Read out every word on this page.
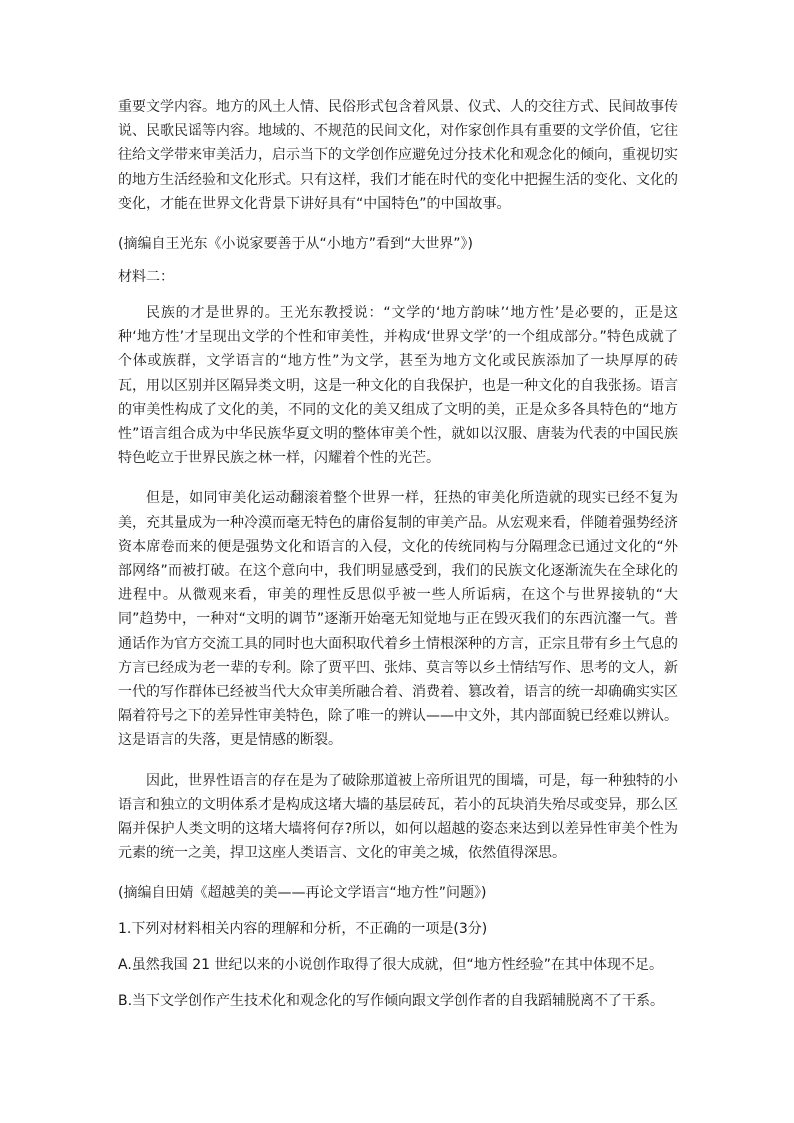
重要文学内容。地方的风土人情、民俗形式包含着风景、仪式、人的交往方式、民间故事传说、民歌民谣等内容。地域的、不规范的民间文化，对作家创作具有重要的文学价值，它往往给文学带来审美活力，启示当下的文学创作应避免过分技术化和观念化的倾向，重视切实的地方生活经验和文化形式。只有这样，我们才能在时代的变化中把握生活的变化、文化的变化，才能在世界文化背景下讲好具有“中国特色”的中国故事。

(摘编自王光东《小说家要善于从“小地方”看到“大世界”》)

材料二：

民族的才是世界的。王光东教授说：“文学的‘地方韵味’‘地方性’是必要的，正是这种‘地方性’才呈现出文学的个性和审美性，并构成‘世界文学’的一个组成部分。”特色成就了个体或族群，文学语言的“地方性”为文学，甚至为地方文化或民族添加了一块厚厚的砖瓦，用以区别并区隔异类文明，这是一种文化的自我保护，也是一种文化的自我张扬。语言的审美性构成了文化的美，不同的文化的美又组成了文明的美，正是众多各具特色的“地方性”语言组合成为中华民族华夏文明的整体审美个性，就如以汉服、唐装为代表的中国民族特色屹立于世界民族之林一样，闪耀着个性的光芒。

但是，如同审美化运动翻滚着整个世界一样，狂热的审美化所造就的现实已经不复为美，充其量成为一种冷漠而毫无特色的庸俗复制的审美产品。从宏观来看，伴随着强势经济资本席卷而来的便是强势文化和语言的入侵，文化的传统同构与分隔理念已通过文化的“外部网络”而被打破。在这个意向中，我们明显感受到，我们的民族文化逐渐流失在全球化的进程中。从微观来看，审美的理性反思似乎被一些人所诟病，在这个与世界接轨的“大同”趋势中，一种对“文明的调节”逐渐开始毫无知觉地与正在毁灭我们的东西沆瀣一气。普通话作为官方交流工具的同时也大面积取代着乡土情根深种的方言，正宗且带有乡土气息的方言已经成为老一辈的专利。除了贾平凹、张炜、莫言等以乡土情结写作、思考的文人，新一代的写作群体已经被当代大众审美所融合着、消费着、篡改着，语言的统一却确确实实区隔着符号之下的差异性审美特色，除了唯一的辨认——中文外，其内部面貌已经难以辨认。这是语言的失落，更是情感的断裂。

因此，世界性语言的存在是为了破除那道被上帝所诅咒的围墙，可是，每一种独特的小语言和独立的文明体系才是构成这堵大墙的基层砖瓦，若小的瓦块消失殆尽或变异，那么区隔并保护人类文明的这堵大墙将何存?所以，如何以超越的姿态来达到以差异性审美个性为元素的统一之美，捍卫这座人类语言、文化的审美之城，依然值得深思。

(摘编自田婧《超越美的美——再论文学语言“地方性”问题》)

1.下列对材料相关内容的理解和分析，不正确的一项是(3分)

A.虽然我国 21 世纪以来的小说创作取得了很大成就，但“地方性经验”在其中体现不足。

B.当下文学创作产生技术化和观念化的写作倾向跟文学创作者的自我蹈辅脱离不了干系。
